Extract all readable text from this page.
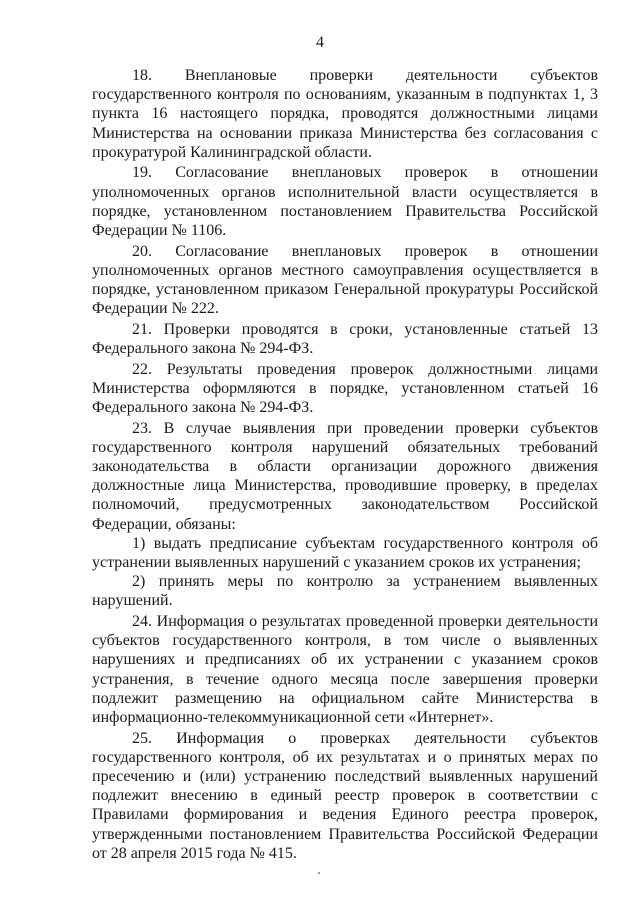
4

18. Внеплановые проверки деятельности субъектов государственного контроля по основаниям, указанным в подпунктах 1, 3 пункта 16 настоящего порядка, проводятся должностными лицами Министерства на основании приказа Министерства без согласования с прокуратурой Калининградской области.

19. Согласование внеплановых проверок в отношении уполномоченных органов исполнительной власти осуществляется в порядке, установленном постановлением Правительства Российской Федерации № 1106.

20. Согласование внеплановых проверок в отношении уполномоченных органов местного самоуправления осуществляется в порядке, установленном приказом Генеральной прокуратуры Российской Федерации № 222.

21. Проверки проводятся в сроки, установленные статьей 13 Федерального закона № 294-ФЗ.

22. Результаты проведения проверок должностными лицами Министерства оформляются в порядке, установленном статьей 16 Федерального закона № 294-ФЗ.

23. В случае выявления при проведении проверки субъектов государственного контроля нарушений обязательных требований законодательства в области организации дорожного движения должностные лица Министерства, проводившие проверку, в пределах полномочий, предусмотренных законодательством Российской Федерации, обязаны:

1) выдать предписание субъектам государственного контроля об устранении выявленных нарушений с указанием сроков их устранения;

2) принять меры по контролю за устранением выявленных нарушений.

24. Информация о результатах проведенной проверки деятельности субъектов государственного контроля, в том числе о выявленных нарушениях и предписаниях об их устранении с указанием сроков устранения, в течение одного месяца после завершения проверки подлежит размещению на официальном сайте Министерства в информационно-телекоммуникационной сети «Интернет».

25. Информация о проверках деятельности субъектов государственного контроля, об их результатах и о принятых мерах по пресечению и (или) устранению последствий выявленных нарушений подлежит внесению в единый реестр проверок в соответствии с Правилами формирования и ведения Единого реестра проверок, утвержденными постановлением Правительства Российской Федерации от 28 апреля 2015 года № 415.
